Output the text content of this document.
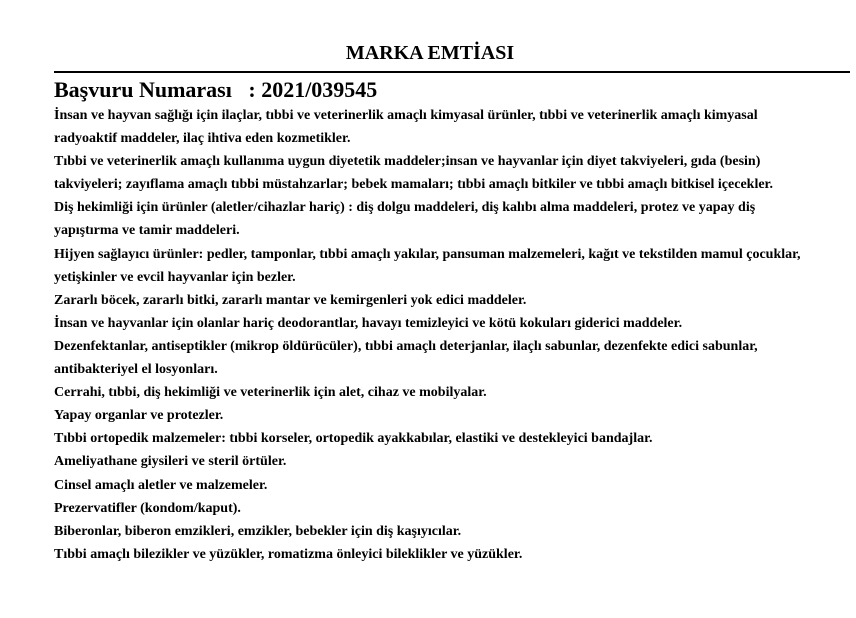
MARKA EMTİASI
Başvuru Numarası   : 2021/039545
İnsan ve hayvan sağlığı için ilaçlar, tıbbi ve veterinerlik amaçlı kimyasal ürünler, tıbbi ve veterinerlik amaçlı kimyasal radyoaktif maddeler, ilaç ihtiva eden kozmetikler.
Tıbbi ve veterinerlik amaçlı kullanıma uygun diyetetik maddeler;insan ve hayvanlar için diyet takviyeleri, gıda (besin) takviyeleri; zayıflama amaçlı tıbbi müstahzarlar; bebek mamaları; tıbbi amaçlı bitkiler ve tıbbi amaçlı bitkisel içecekler.
Diş hekimliği için ürünler (aletler/cihazlar hariç) : diş dolgu maddeleri, diş kalıbı alma maddeleri, protez ve yapay diş yapıştırma ve tamir maddeleri.
Hijyen sağlayıcı ürünler: pedler, tamponlar, tıbbi amaçlı yakılar, pansuman malzemeleri, kağıt ve tekstilden mamul çocuklar, yetişkinler ve evcil hayvanlar için bezler.
Zararlı böcek, zararlı bitki, zararlı mantar ve kemirgenleri yok edici maddeler.
İnsan ve hayvanlar için olanlar hariç deodorantlar, havayı temizleyici ve kötü kokuları giderici maddeler.
Dezenfektanlar, antiseptikler (mikrop öldürücüler), tıbbi amaçlı deterjanlar, ilaçlı sabunlar, dezenfekte edici sabunlar, antibakteriyel el losyonları.
Cerrahi, tıbbi, diş hekimliği ve veterinerlik için alet, cihaz ve mobilyalar.
Yapay organlar ve protezler.
Tıbbi ortopedik malzemeler: tıbbi korseler, ortopedik ayakkabılar, elastiki ve destekleyici bandajlar.
Ameliyathane giysileri ve steril örtüler.
Cinsel amaçlı aletler ve malzemeler.
Prezervatifler (kondom/kaput).
Biberonlar, biberon emzikleri, emzikler, bebekler için diş kaşıyıcılar.
Tıbbi amaçlı bilezikler ve yüzükler, romatizma önleyici bileklikler ve yüzükler.
